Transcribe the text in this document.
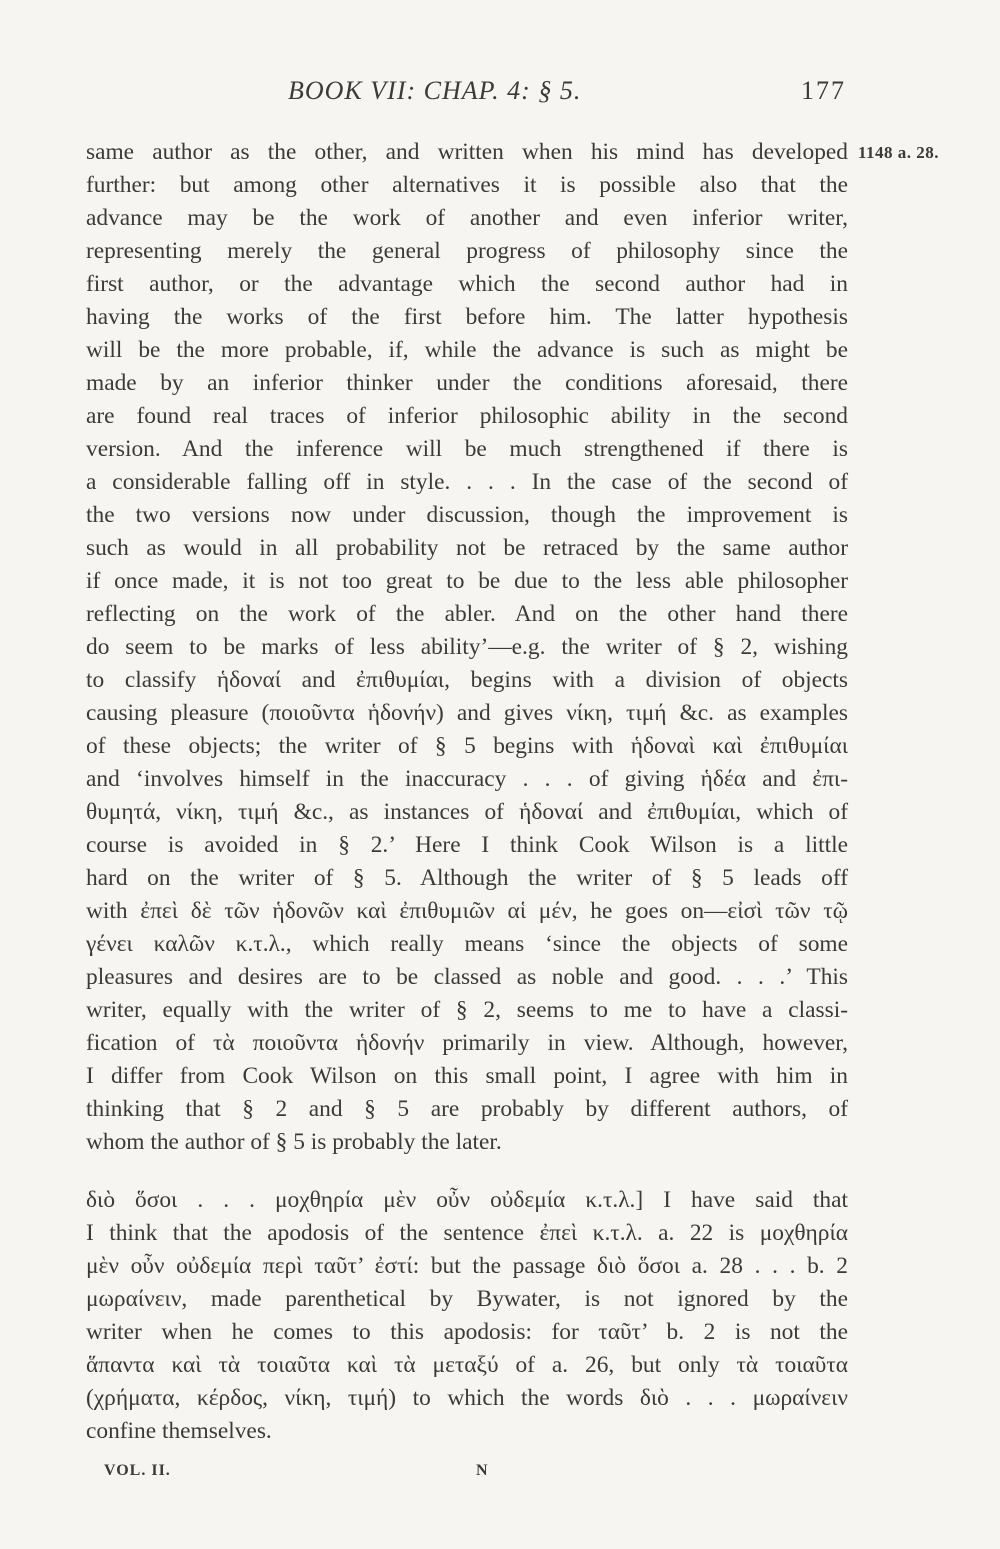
BOOK VII: CHAP. 4: § 5.	177
1148 a. 28.
same author as the other, and written when his mind has developed
further: but among other alternatives it is possible also that the
advance may be the work of another and even inferior writer,
representing merely the general progress of philosophy since the
first author, or the advantage which the second author had in
having the works of the first before him. The latter hypothesis
will be the more probable, if, while the advance is such as might be
made by an inferior thinker under the conditions aforesaid, there
are found real traces of inferior philosophic ability in the second
version. And the inference will be much strengthened if there is
a considerable falling off in style. . . . In the case of the second of
the two versions now under discussion, though the improvement is
such as would in all probability not be retraced by the same author
if once made, it is not too great to be due to the less able philosopher
reflecting on the work of the abler. And on the other hand there
do seem to be marks of less ability’—e.g. the writer of § 2, wishing
to classify ἡδοναί and ἐπιθυμίαι, begins with a division of objects
causing pleasure (ποιοῦντα ἡδονήν) and gives νίκη, τιμή &c. as examples
of these objects; the writer of § 5 begins with ἡδοναὶ καὶ ἐπιθυμίαι
and ‘involves himself in the inaccuracy . . . of giving ἡδέα and ἐπι-
θυμητά, νίκη, τιμή &c., as instances of ἡδοναί and ἐπιθυμίαι, which of
course is avoided in § 2.’ Here I think Cook Wilson is a little
hard on the writer of § 5. Although the writer of § 5 leads off
with ἐπεὶ δὲ τῶν ἡδονῶν καὶ ἐπιθυμιῶν αἱ μέν, he goes on—εἰσὶ τῶν τῷ
γένει καλῶν κ.τ.λ., which really means ‘since the objects of some
pleasures and desires are to be classed as noble and good. . . .’ This
writer, equally with the writer of § 2, seems to me to have a classi-
fication of τὰ ποιοῦντα ἡδονήν primarily in view. Although, however,
I differ from Cook Wilson on this small point, I agree with him in
thinking that § 2 and § 5 are probably by different authors, of
whom the author of § 5 is probably the later.
διὸ ὅσοι . . . μοχθηρία μὲν οὖν οὐδεμία κ.τ.λ.] I have said that
I think that the apodosis of the sentence ἐπεὶ κ.τ.λ. a. 22 is μοχθηρία
μὲν οὖν οὐδεμία περὶ ταῦτ’ ἐστί: but the passage διὸ ὅσοι a. 28 . . . b. 2
μωραίνειν, made parenthetical by Bywater, is not ignored by the
writer when he comes to this apodosis: for ταῦτ’ b. 2 is not the
ἅπαντα καὶ τὰ τοιαῦτα καὶ τὰ μεταξύ of a. 26, but only τὰ τοιαῦτα
(χρήματα, κέρδος, νίκη, τιμή) to which the words διὸ . . . μωραίνειν
confine themselves.
VOL. II.	N
